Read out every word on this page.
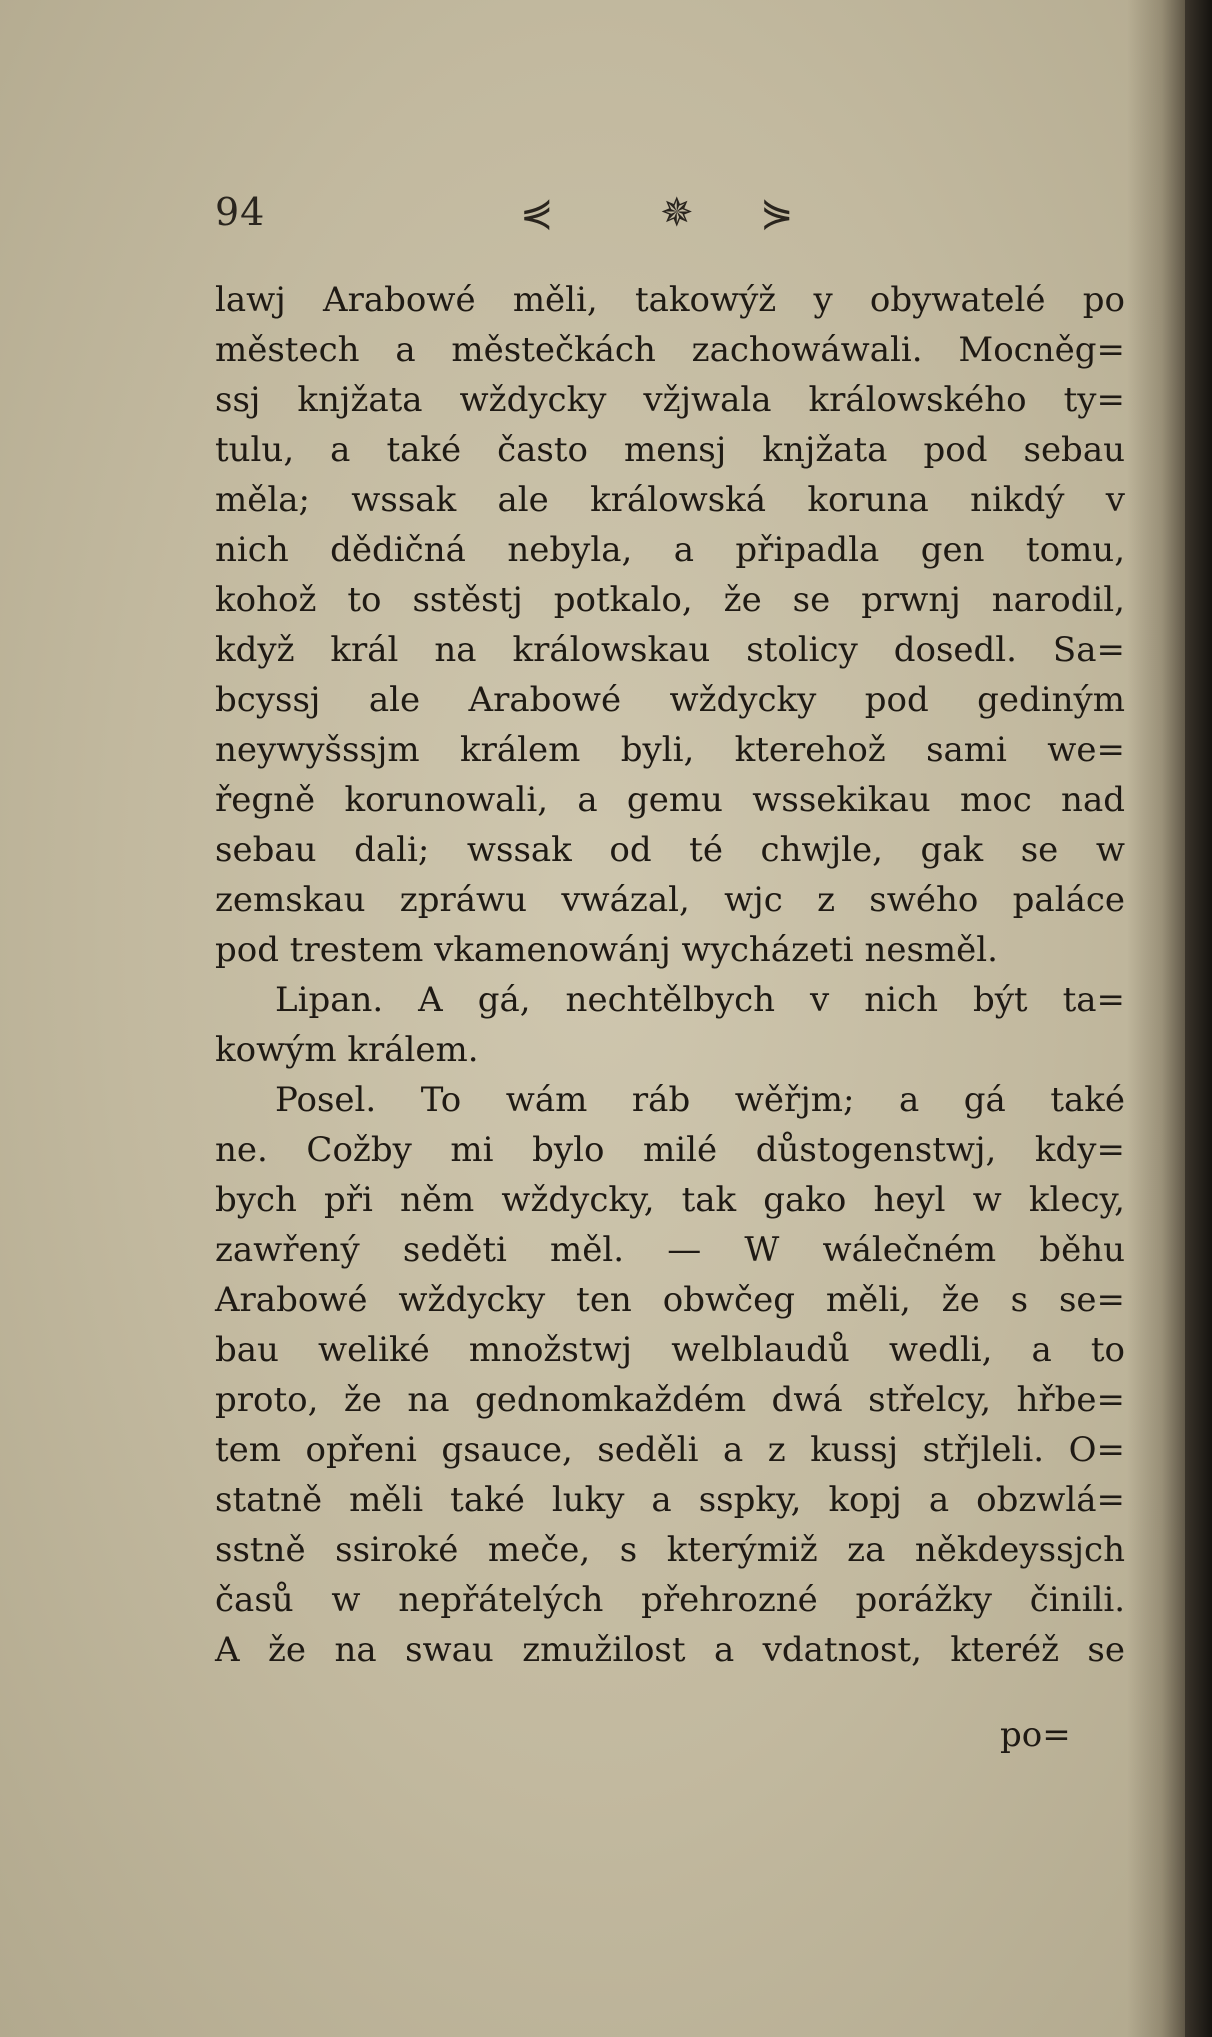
94	⋞	✵ ⋟
lawj Arabowé měli, takowýž y obywatelé po
městech a městečkách zachowáwali. Mocněg=
ssj knjžata wždycky vžjwala králowského ty=
tulu, a také často mensj knjžata pod sebau
měla; wssak ale králowská koruna nikdý v
nich dědičná nebyla, a připadla gen tomu,
kohož to sstěstj potkalo, že se prwnj narodil,
když král na králowskau stolicy dosedl. Sa=
bcyssj ale Arabowé wždycky pod gediným
neywyšssjm králem byli, kterehož sami we=
řegně korunowali, a gemu wssekikau moc nad
sebau dali; wssak od té chwjle, gak se w
zemskau zpráwu vwázal, wjc z swého paláce
pod trestem vkamenowánj wycházeti nesměl.
Lipan. A gá, nechtělbych v nich být ta=
kowým králem.
Posel. To wám ráb wěřjm; a gá také
ne. Cožby mi bylo milé důstogenstwj, kdy=
bych při něm wždycky, tak gako heyl w klecy,
zawřený seděti měl. — W wálečném běhu
Arabowé wždycky ten obwčeg měli, že s se=
bau weliké množstwj welblaudů wedli, a to
proto, že na gednomkaždém dwá střelcy, hřbe=
tem opřeni gsauce, seděli a z kussj střjleli. O=
statně měli také luky a sspky, kopj a obzwlá=
sstně ssiroké meče, s kterýmiž za někdeyssjch
časů w nepřátelých přehrozné porážky činili.
A že na swau zmužilost a vdatnost, kteréž se
po=
